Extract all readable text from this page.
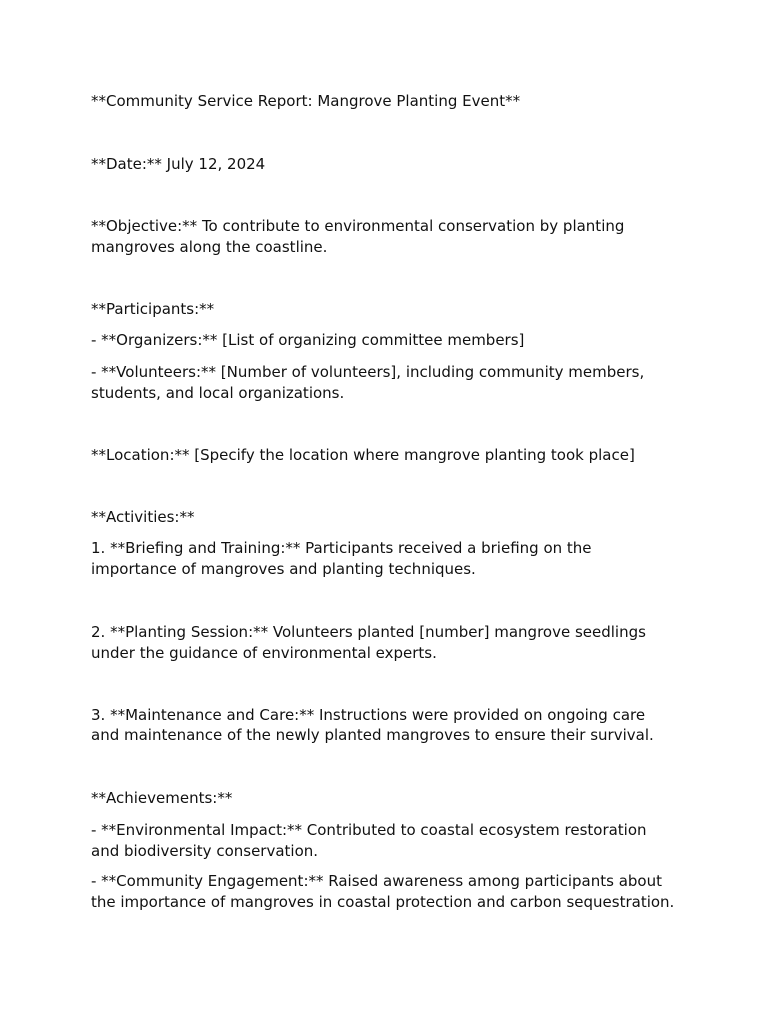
**Community Service Report: Mangrove Planting Event**

**Date:** July 12, 2024

**Objective:** To contribute to environmental conservation by planting

mangroves along the coastline.

**Participants:**

- **Organizers:** [List of organizing committee members]

- **Volunteers:** [Number of volunteers], including community members,

students, and local organizations.

**Location:** [Specify the location where mangrove planting took place]

**Activities:**

1. **Briefing and Training:** Participants received a briefing on the

importance of mangroves and planting techniques.

2. **Planting Session:** Volunteers planted [number] mangrove seedlings

under the guidance of environmental experts.

3. **Maintenance and Care:** Instructions were provided on ongoing care

and maintenance of the newly planted mangroves to ensure their survival.

**Achievements:**

- **Environmental Impact:** Contributed to coastal ecosystem restoration

and biodiversity conservation.

- **Community Engagement:** Raised awareness among participants about

the importance of mangroves in coastal protection and carbon sequestration.
